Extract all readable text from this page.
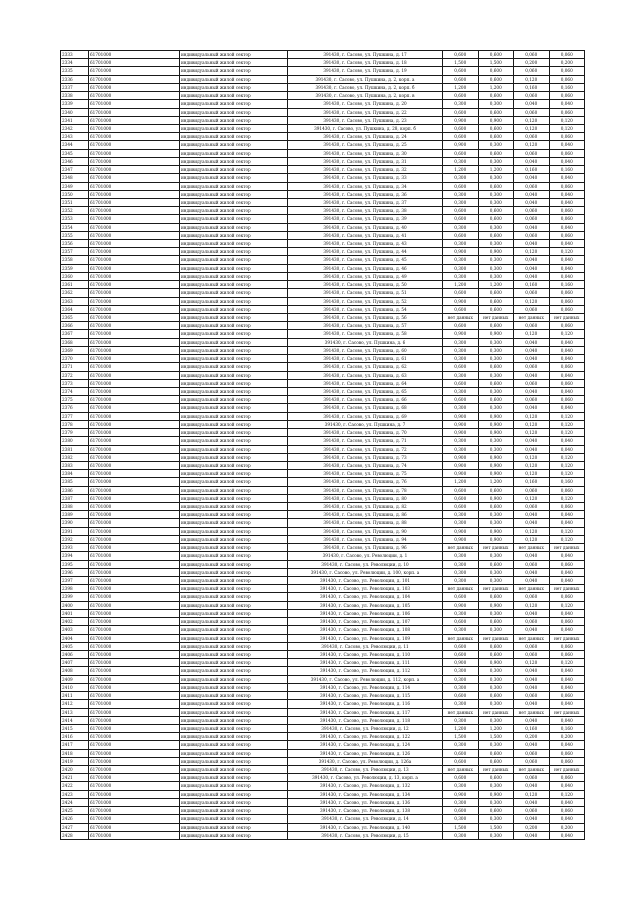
2333	61701000	индивидуальный жилой сектор	391430, г. Сасово, ул. Пушкина, д. 17	0,600	0,600	0,060	0,060
2334	61701000	индивидуальный жилой сектор	391430, г. Сасово, ул. Пушкина, д. 18	1,500	1,500	0,200	0,200
2335	61701000	индивидуальный жилой сектор	391430, г. Сасово, ул. Пушкина, д. 19	0,600	0,600	0,060	0,060
2336	61701000	индивидуальный жилой сектор	391430, г. Сасово, ул. Пушкина, д. 2, корп. а	0,600	0,600	0,120	0,060
2337	61701000	индивидуальный жилой сектор	391430, г. Сасово, ул. Пушкина, д. 2, корп. б	1,200	1,200	0,160	0,160
2338	61701000	индивидуальный жилой сектор	391430, г. Сасово, ул. Пушкина, д. 2, корп. в	0,600	0,600	0,060	0,060
2339	61701000	индивидуальный жилой сектор	391430, г. Сасово, ул. Пушкина, д. 20	0,300	0,300	0,040	0,040
2340	61701000	индивидуальный жилой сектор	391430, г. Сасово, ул. Пушкина, д. 22	0,600	0,600	0,060	0,060
2341	61701000	индивидуальный жилой сектор	391430, г. Сасово, ул. Пушкина, д. 23	0,900	0,900	0,120	0,120
2342	61701000	индивидуальный жилой сектор	391430, г. Сасово, ул. Пушкина, д. 28, корп. б	0,600	0,600	0,120	0,120
2343	61701000	индивидуальный жилой сектор	391430, г. Сасово, ул. Пушкина, д. 24	0,600	0,600	0,060	0,060
2344	61701000	индивидуальный жилой сектор	391430, г. Сасово, ул. Пушкина, д. 25	0,900	0,300	0,120	0,040
2345	61701000	индивидуальный жилой сектор	391430, г. Сасово, ул. Пушкина, д. 30	0,600	0,600	0,060	0,060
2346	61701000	индивидуальный жилой сектор	391430, г. Сасово, ул. Пушкина, д. 31	0,300	0,300	0,040	0,040
2347	61701000	индивидуальный жилой сектор	391430, г. Сасово, ул. Пушкина, д. 32	1,200	1,200	0,160	0,160
2348	61701000	индивидуальный жилой сектор	391430, г. Сасово, ул. Пушкина, д. 33	0,300	0,300	0,040	0,040
2349	61701000	индивидуальный жилой сектор	391430, г. Сасово, ул. Пушкина, д. 34	0,600	0,600	0,060	0,060
2350	61701000	индивидуальный жилой сектор	391430, г. Сасово, ул. Пушкина, д. 36	0,300	0,300	0,040	0,040
2351	61701000	индивидуальный жилой сектор	391430, г. Сасово, ул. Пушкина, д. 37	0,300	0,300	0,040	0,040
2352	61701000	индивидуальный жилой сектор	391430, г. Сасово, ул. Пушкина, д. 38	0,600	0,600	0,060	0,060
2353	61701000	индивидуальный жилой сектор	391430, г. Сасово, ул. Пушкина, д. 39	0,600	0,600	0,060	0,060
2354	61701000	индивидуальный жилой сектор	391430, г. Сасово, ул. Пушкина, д. 40	0,300	0,300	0,040	0,040
2355	61701000	индивидуальный жилой сектор	391430, г. Сасово, ул. Пушкина, д. 41	0,600	0,600	0,060	0,060
2356	61701000	индивидуальный жилой сектор	391430, г. Сасово, ул. Пушкина, д. 43	0,300	0,300	0,040	0,040
2357	61701000	индивидуальный жилой сектор	391430, г. Сасово, ул. Пушкина, д. 44	0,900	0,900	0,120	0,120
2358	61701000	индивидуальный жилой сектор	391430, г. Сасово, ул. Пушкина, д. 45	0,300	0,300	0,040	0,040
2359	61701000	индивидуальный жилой сектор	391430, г. Сасово, ул. Пушкина, д. 46	0,300	0,300	0,040	0,040
2360	61701000	индивидуальный жилой сектор	391430, г. Сасово, ул. Пушкина, д. 49	0,300	0,300	0,040	0,040
2361	61701000	индивидуальный жилой сектор	391430, г. Сасово, ул. Пушкина, д. 50	1,200	1,200	0,160	0,160
2362	61701000	индивидуальный жилой сектор	391430, г. Сасово, ул. Пушкина, д. 51	0,600	0,600	0,060	0,060
2363	61701000	индивидуальный жилой сектор	391430, г. Сасово, ул. Пушкина, д. 52	0,900	0,600	0,120	0,060
2364	61701000	индивидуальный жилой сектор	391430, г. Сасово, ул. Пушкина, д. 54	0,600	0,600	0,060	0,060
2365	61701000	индивидуальный жилой сектор	391430, г. Сасово, ул. Пушкина, д. 56	нет данных	нет данных	нет данных	нет данных
2366	61701000	индивидуальный жилой сектор	391430, г. Сасово, ул. Пушкина, д. 57	0,600	0,600	0,060	0,060
2367	61701000	индивидуальный жилой сектор	391430, г. Сасово, ул. Пушкина, д. 58	0,900	0,900	0,120	0,120
2368	61701000	индивидуальный жилой сектор	391430, г. Сасово, ул. Пушкина, д. 6	0,300	0,300	0,040	0,040
2369	61701000	индивидуальный жилой сектор	391430, г. Сасово, ул. Пушкина, д. 60	0,300	0,300	0,040	0,040
2370	61701000	индивидуальный жилой сектор	391430, г. Сасово, ул. Пушкина, д. 61	0,300	0,300	0,040	0,040
2371	61701000	индивидуальный жилой сектор	391430, г. Сасово, ул. Пушкина, д. 62	0,600	0,600	0,060	0,060
2372	61701000	индивидуальный жилой сектор	391430, г. Сасово, ул. Пушкина, д. 63	0,300	0,300	0,040	0,040
2373	61701000	индивидуальный жилой сектор	391430, г. Сасово, ул. Пушкина, д. 64	0,600	0,600	0,060	0,060
2374	61701000	индивидуальный жилой сектор	391430, г. Сасово, ул. Пушкина, д. 65	0,300	0,300	0,040	0,040
2375	61701000	индивидуальный жилой сектор	391430, г. Сасово, ул. Пушкина, д. 66	0,600	0,600	0,060	0,060
2376	61701000	индивидуальный жилой сектор	391430, г. Сасово, ул. Пушкина, д. 68	0,300	0,300	0,040	0,040
2377	61701000	индивидуальный жилой сектор	391430, г. Сасово, ул. Пушкина, д. 69	0,900	0,900	0,120	0,120
2378	61701000	индивидуальный жилой сектор	391430, г. Сасово, ул. Пушкина, д. 7	0,900	0,900	0,120	0,120
2379	61701000	индивидуальный жилой сектор	391430, г. Сасово, ул. Пушкина, д. 70	0,900	0,900	0,120	0,120
2380	61701000	индивидуальный жилой сектор	391430, г. Сасово, ул. Пушкина, д. 71	0,300	0,300	0,040	0,040
2381	61701000	индивидуальный жилой сектор	391430, г. Сасово, ул. Пушкина, д. 72	0,300	0,300	0,040	0,040
2382	61701000	индивидуальный жилой сектор	391430, г. Сасово, ул. Пушкина, д. 73	0,900	0,900	0,120	0,120
2383	61701000	индивидуальный жилой сектор	391430, г. Сасово, ул. Пушкина, д. 74	0,900	0,900	0,120	0,120
2384	61701000	индивидуальный жилой сектор	391430, г. Сасово, ул. Пушкина, д. 75	0,900	0,900	0,120	0,120
2385	61701000	индивидуальный жилой сектор	391430, г. Сасово, ул. Пушкина, д. 76	1,200	1,200	0,160	0,160
2386	61701000	индивидуальный жилой сектор	391430, г. Сасово, ул. Пушкина, д. 78	0,600	0,600	0,060	0,060
2387	61701000	индивидуальный жилой сектор	391430, г. Сасово, ул. Пушкина, д. 80	0,600	0,900	0,120	0,120
2388	61701000	индивидуальный жилой сектор	391430, г. Сасово, ул. Пушкина, д. 82	0,600	0,600	0,060	0,060
2389	61701000	индивидуальный жилой сектор	391430, г. Сасово, ул. Пушкина, д. 86	0,300	0,300	0,040	0,040
2390	61701000	индивидуальный жилой сектор	391430, г. Сасово, ул. Пушкина, д. 88	0,300	0,300	0,040	0,040
2391	61701000	индивидуальный жилой сектор	391430, г. Сасово, ул. Пушкина, д. 90	0,900	0,900	0,120	0,120
2392	61701000	индивидуальный жилой сектор	391430, г. Сасово, ул. Пушкина, д. 94	0,900	0,900	0,120	0,120
2393	61701000	индивидуальный жилой сектор	391430, г. Сасово, ул. Пушкина, д. 96	нет данных	нет данных	нет данных	нет данных
2394	61701000	индивидуальный жилой сектор	391430, г. Сасово, ул. Революции, д. 1	0,300	0,300	0,040	0,040
2395	61701000	индивидуальный жилой сектор	391430, г. Сасово, ул. Революции, д. 10	0,300	0,600	0,060	0,060
2396	61701000	индивидуальный жилой сектор	391430, г. Сасово, ул. Революции, д. 100, корп. а	0,300	0,300	0,040	0,040
2397	61701000	индивидуальный жилой сектор	391430, г. Сасово, ул. Революции, д. 101	0,300	0,300	0,040	0,040
2398	61701000	индивидуальный жилой сектор	391430, г. Сасово, ул. Революции, д. 103	нет данных	нет данных	нет данных	нет данных
2399	61701000	индивидуальный жилой сектор	391430, г. Сасово, ул. Революции, д. 104	0,600	0,600	0,060	0,060
2400	61701000	индивидуальный жилой сектор	391430, г. Сасово, ул. Революции, д. 105	0,900	0,900	0,120	0,120
2401	61701000	индивидуальный жилой сектор	391430, г. Сасово, ул. Революции, д. 106	0,300	0,300	0,040	0,040
2402	61701000	индивидуальный жилой сектор	391430, г. Сасово, ул. Революции, д. 107	0,600	0,600	0,060	0,060
2403	61701000	индивидуальный жилой сектор	391430, г. Сасово, ул. Революции, д. 108	0,300	0,300	0,040	0,040
2404	61701000	индивидуальный жилой сектор	391430, г. Сасово, ул. Революции, д. 109	нет данных	нет данных	нет данных	нет данных
2405	61701000	индивидуальный жилой сектор	391430, г. Сасово, ул. Революции, д. 11	0,600	0,600	0,060	0,060
2406	61701000	индивидуальный жилой сектор	391430, г. Сасово, ул. Революции, д. 110	0,600	0,600	0,060	0,060
2407	61701000	индивидуальный жилой сектор	391430, г. Сасово, ул. Революции, д. 111	0,900	0,900	0,120	0,120
2408	61701000	индивидуальный жилой сектор	391430, г. Сасово, ул. Революции, д. 112	0,300	0,300	0,040	0,040
2409	61701000	индивидуальный жилой сектор	391430, г. Сасово, ул. Революции, д. 112, корп. а	0,300	0,300	0,040	0,040
2410	61701000	индивидуальный жилой сектор	391430, г. Сасово, ул. Революции, д. 114	0,300	0,300	0,040	0,040
2411	61701000	индивидуальный жилой сектор	391430, г. Сасово, ул. Революции, д. 115	0,600	0,600	0,060	0,060
2412	61701000	индивидуальный жилой сектор	391430, г. Сасово, ул. Революции, д. 116	0,300	0,300	0,040	0,040
2413	61701000	индивидуальный жилой сектор	391430, г. Сасово, ул. Революции, д. 117	нет данных	нет данных	нет данных	нет данных
2414	61701000	индивидуальный жилой сектор	391430, г. Сасово, ул. Революции, д. 118	0,300	0,300	0,040	0,040
2415	61701000	индивидуальный жилой сектор	391430, г. Сасово, ул. Революции, д. 12	1,200	1,200	0,160	0,160
2416	61701000	индивидуальный жилой сектор	391430, г. Сасово, ул. Революции, д. 122	1,500	1,500	0,200	0,200
2417	61701000	индивидуальный жилой сектор	391430, г. Сасово, ул. Революции, д. 124	0,300	0,300	0,040	0,040
2418	61701000	индивидуальный жилой сектор	391430, г. Сасово, ул. Революции, д. 126	0,600	0,600	0,060	0,060
2419	61701000	индивидуальный жилой сектор	391430, г. Сасово, ул. Революции, д. 126а	0,600	0,600	0,060	0,060
2420	61701000	индивидуальный жилой сектор	391430, г. Сасово, ул. Революции, д. 13	нет данных	нет данных	нет данных	нет данных
2421	61701000	индивидуальный жилой сектор	391430, г. Сасово, ул. Революции, д. 13, корп. а	0,600	0,600	0,060	0,060
2422	61701000	индивидуальный жилой сектор	391430, г. Сасово, ул. Революции, д. 132	0,300	0,300	0,040	0,040
2423	61701000	индивидуальный жилой сектор	391430, г. Сасово, ул. Революции, д. 134	0,900	0,900	0,120	0,120
2424	61701000	индивидуальный жилой сектор	391430, г. Сасово, ул. Революции, д. 136	0,300	0,300	0,040	0,040
2425	61701000	индивидуальный жилой сектор	391430, г. Сасово, ул. Революции, д. 138	0,600	0,600	0,060	0,060
2426	61701000	индивидуальный жилой сектор	391430, г. Сасово, ул. Революции, д. 14	0,300	0,300	0,040	0,040
2427	61701000	индивидуальный жилой сектор	391430, г. Сасово, ул. Революции, д. 140	1,500	1,500	0,200	0,200
2428	61701000	индивидуальный жилой сектор	391430, г. Сасово, ул. Революции, д. 15	0,300	0,300	0,040	0,040
